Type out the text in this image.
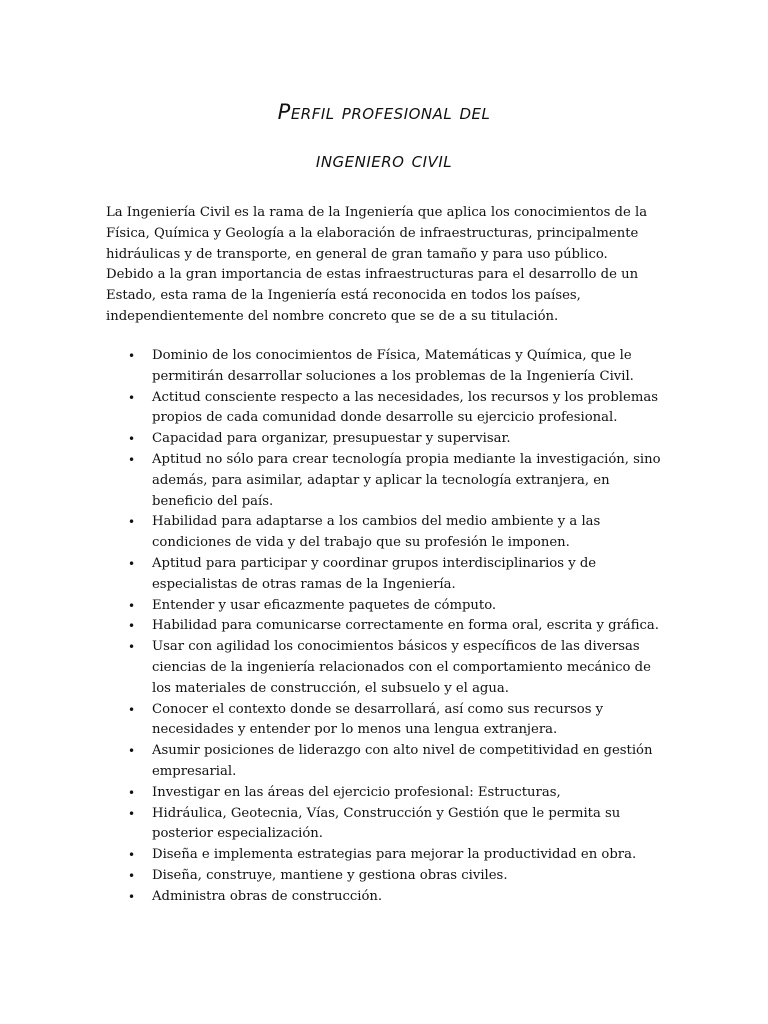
Perfil profesional del
ingeniero civil

La Ingeniería Civil es la rama de la Ingeniería que aplica los conocimientos de la Física, Química y Geología a la elaboración de infraestructuras, principalmente hidráulicas y de transporte, en general de gran tamaño y para uso público.

Debido a la gran importancia de estas infraestructuras para el desarrollo de un Estado, esta rama de la Ingeniería está reconocida en todos los países, independientemente del nombre concreto que se de a su titulación.

• Dominio de los conocimientos de Física, Matemáticas y Química, que le permitirán desarrollar soluciones a los problemas de la Ingeniería Civil.
• Actitud consciente respecto a las necesidades, los recursos y los problemas propios de cada comunidad donde desarrolle su ejercicio profesional.
• Capacidad para organizar, presupuestar y supervisar.
• Aptitud no sólo para crear tecnología propia mediante la investigación, sino además, para asimilar, adaptar y aplicar la tecnología extranjera, en beneficio del país.
• Habilidad para adaptarse a los cambios del medio ambiente y a las condiciones de vida y del trabajo que su profesión le imponen.
• Aptitud para participar y coordinar grupos interdisciplinarios y de especialistas de otras ramas de la Ingeniería.
• Entender y usar eficazmente paquetes de cómputo.
• Habilidad para comunicarse correctamente en forma oral, escrita y gráfica.
• Usar con agilidad los conocimientos básicos y específicos de las diversas ciencias de la ingeniería relacionados con el comportamiento mecánico de los materiales de construcción, el subsuelo y el agua.
• Conocer el contexto donde se desarrollará, así como sus recursos y necesidades y entender por lo menos una lengua extranjera.
• Asumir posiciones de liderazgo con alto nivel de competitividad en gestión empresarial.
• Investigar en las áreas del ejercicio profesional: Estructuras,
• Hidráulica, Geotecnia, Vías, Construcción y Gestión que le permita su posterior especialización.
• Diseña e implementa estrategias para mejorar la productividad en obra.
• Diseña, construye, mantiene y gestiona obras civiles.
• Administra obras de construcción.
